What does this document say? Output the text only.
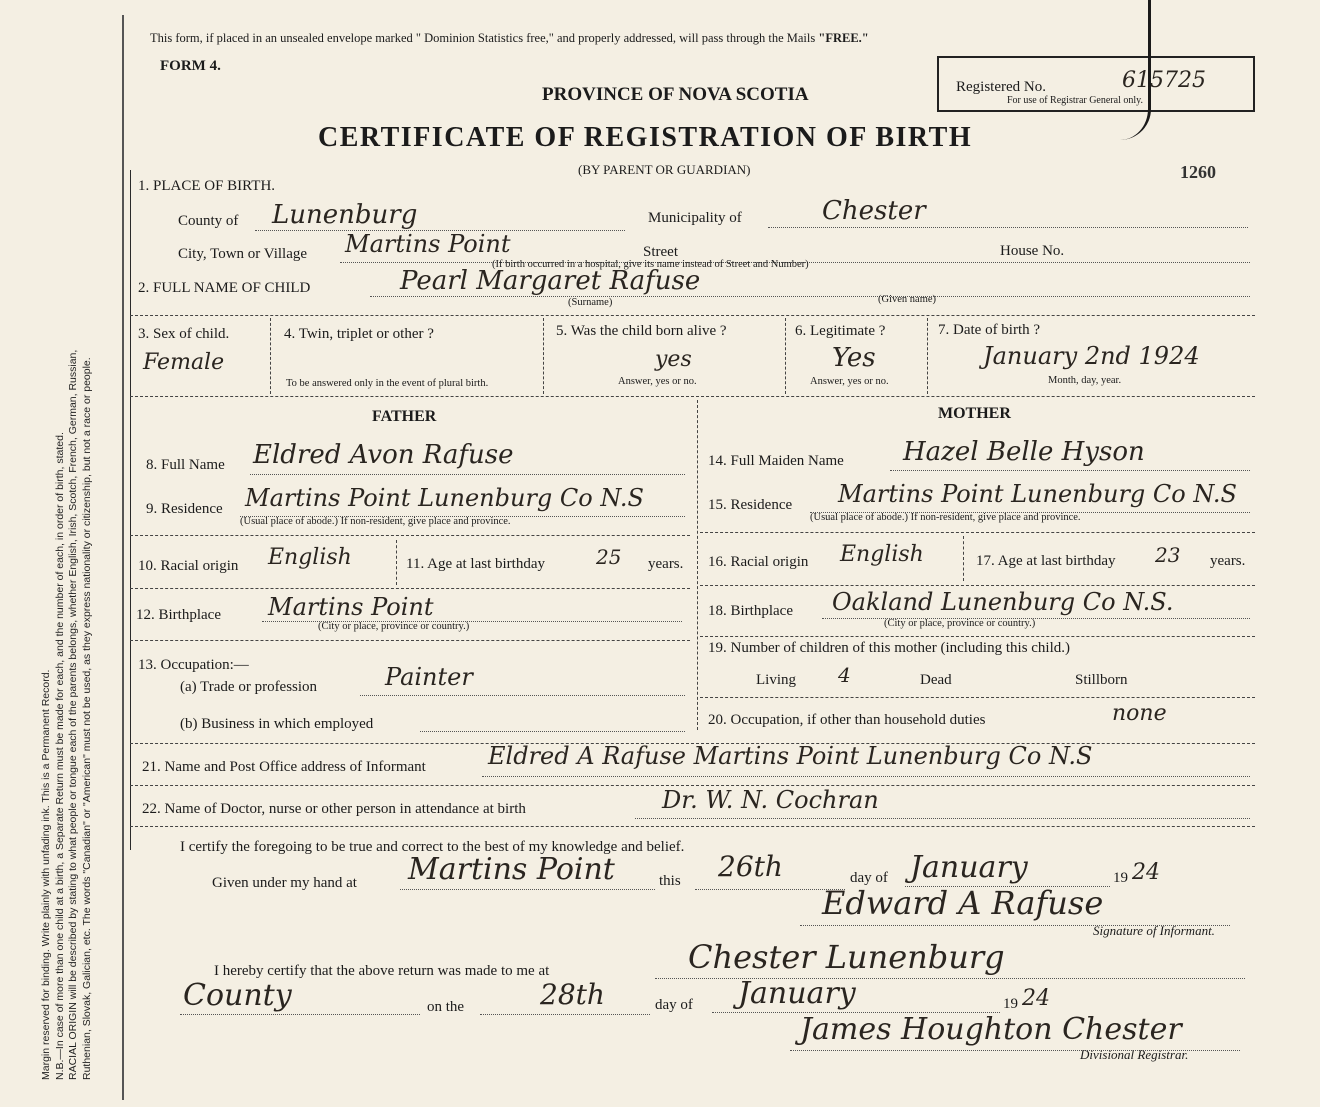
Margin reserved for binding. Write plainly with unfading ink. This is a Permanent Record. N.B.—In case of more than one child at a birth, a Separate Return must be made for each, and the number of each, in order of birth, stated. RACIAL ORIGIN will be described by stating to what people or tongue each of the parents belongs, whether English, Irish, Scotch, French, German, Russian, Ruthenian, Slovak, Galician, etc. The words "Canadian" or "American" must not be used, as they express nationality or citizenship, but not a race or people.
This form, if placed in an unsealed envelope marked " Dominion Statistics free," and properly addressed, will pass through the Mails "FREE."
FORM 4.
PROVINCE OF NOVA SCOTIA
CERTIFICATE OF REGISTRATION OF BIRTH
(BY PARENT OR GUARDIAN)
Registered No.	615725
For use of Registrar General only.
1260
1. PLACE OF BIRTH.
County of Lunenburg	Municipality of	Chester
City, Town or Village Martins Point	Street	House No.
(If birth occurred in a hospital, give its name instead of Street and Number)
2. FULL NAME OF CHILD	Pearl Margaret Rafuse
(Surname)	(Given name)
3. Sex of child.
Female
4. Twin, triplet or other ?
To be answered only in the event of plural birth.
5. Was the child born alive ?
yes
Answer, yes or no.
6. Legitimate ?
Yes
Answer, yes or no.
7. Date of birth ?
January 2nd 1924
Month, day, year.
FATHER	MOTHER
8. Full Name Eldred Avon Rafuse
9. Residence Martins Point Lunenburg Co N.S
(Usual place of abode.) If non-resident, give place and province.
10. Racial origin English	11. Age at last birthday	25 years.
12. Birthplace Martins Point
(City or place, province or country.)
13. Occupation:—
(a) Trade or profession	Painter
(b) Business in which employed
14. Full Maiden Name Hazel Belle Hyson
15. Residence Martins Point Lunenburg Co N.S
(Usual place of abode.) If non-resident, give place and province.
16. Racial origin English	17. Age at last birthday 23 years.
18. Birthplace Oakland Lunenburg Co N.S.
(City or place, province or country.)
19. Number of children of this mother (including this child.)
Living 4	Dead	Stillborn
20. Occupation, if other than household duties	none
21. Name and Post Office address of Informant	Eldred A Rafuse Martins Point Lunenburg Co N.S
22. Name of Doctor, nurse or other person in attendance at birth	Dr. W. N. Cochran
I certify the foregoing to be true and correct to the best of my knowledge and belief.
Given under my hand at Martins Point	this 26th	day of January	19 24
Edward A Rafuse
Signature of Informant.
I hereby certify that the above return was made to me at	Chester Lunenburg
County	on the	28th	day of January	19 24
James Houghton Chester
Divisional Registrar.
